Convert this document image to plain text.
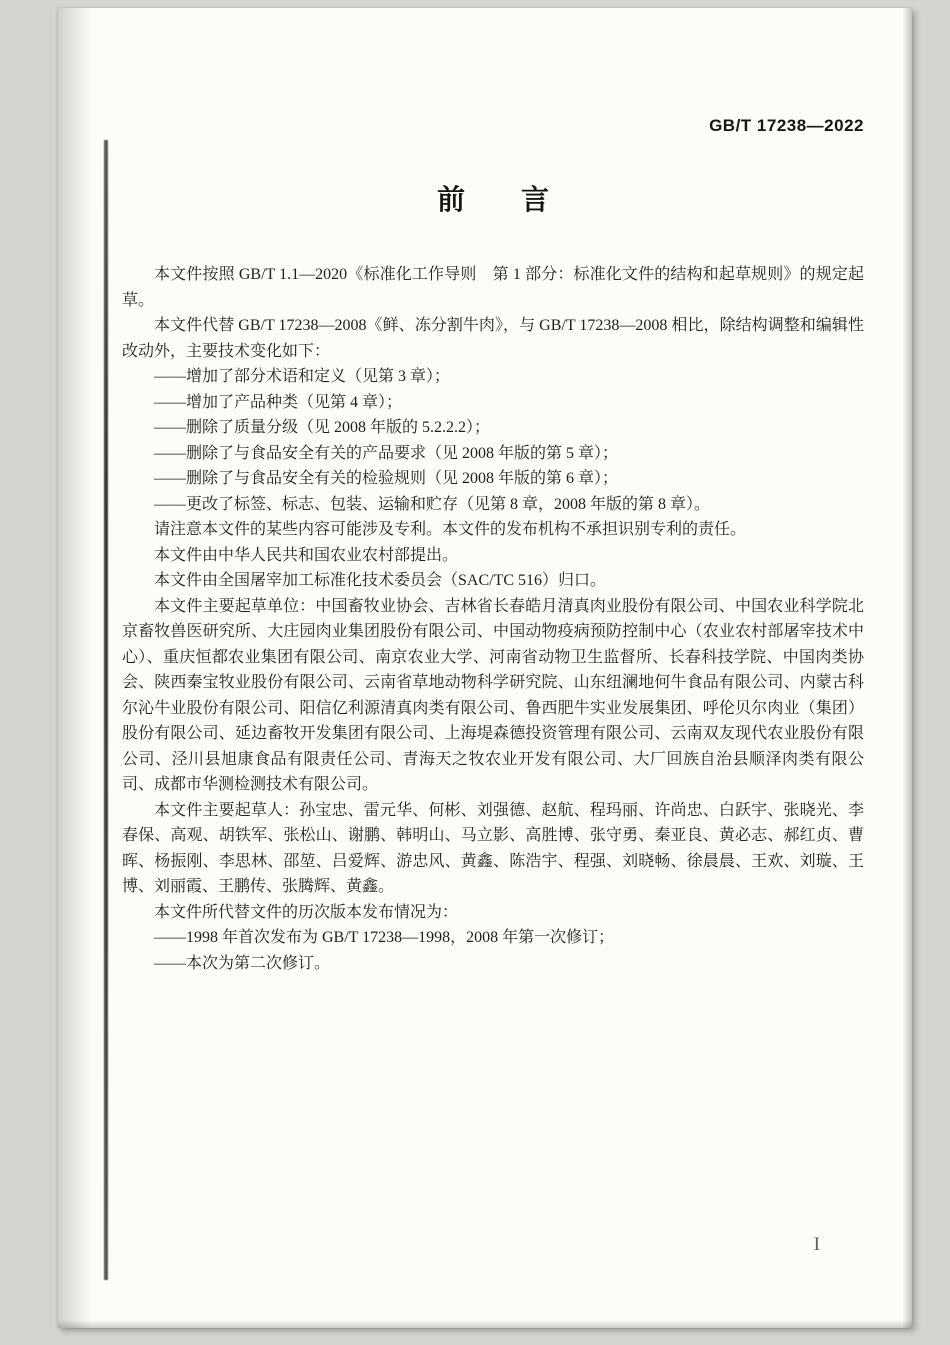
GB/T 17238—2022
前　　言

本文件按照 GB/T 1.1—2020《标准化工作导则　第 1 部分：标准化文件的结构和起草规则》的规定起草。

本文件代替 GB/T 17238—2008《鲜、冻分割牛肉》，与 GB/T 17238—2008 相比，除结构调整和编辑性改动外，主要技术变化如下：

——增加了部分术语和定义（见第 3 章）；

——增加了产品种类（见第 4 章）；

——删除了质量分级（见 2008 年版的 5.2.2.2）；

——删除了与食品安全有关的产品要求（见 2008 年版的第 5 章）；

——删除了与食品安全有关的检验规则（见 2008 年版的第 6 章）；

——更改了标签、标志、包装、运输和贮存（见第 8 章，2008 年版的第 8 章）。

请注意本文件的某些内容可能涉及专利。本文件的发布机构不承担识别专利的责任。

本文件由中华人民共和国农业农村部提出。

本文件由全国屠宰加工标准化技术委员会（SAC/TC 516）归口。

本文件主要起草单位：中国畜牧业协会、吉林省长春皓月清真肉业股份有限公司、中国农业科学院北京畜牧兽医研究所、大庄园肉业集团股份有限公司、中国动物疫病预防控制中心（农业农村部屠宰技术中心）、重庆恒都农业集团有限公司、南京农业大学、河南省动物卫生监督所、长春科技学院、中国肉类协会、陕西秦宝牧业股份有限公司、云南省草地动物科学研究院、山东纽澜地何牛食品有限公司、内蒙古科尔沁牛业股份有限公司、阳信亿利源清真肉类有限公司、鲁西肥牛实业发展集团、呼伦贝尔肉业（集团）股份有限公司、延边畜牧开发集团有限公司、上海堤森德投资管理有限公司、云南双友现代农业股份有限公司、泾川县旭康食品有限责任公司、青海天之牧农业开发有限公司、大厂回族自治县顺泽肉类有限公司、成都市华测检测技术有限公司。

本文件主要起草人：孙宝忠、雷元华、何彬、刘强德、赵航、程玛丽、许尚忠、白跃宇、张晓光、李春保、高观、胡铁军、张松山、谢鹏、韩明山、马立影、高胜博、张守勇、秦亚良、黄必志、郝红贞、曹晖、杨振刚、李思林、邵堃、吕爱辉、游忠风、黄鑫、陈浩宇、程强、刘晓畅、徐晨晨、王欢、刘璇、王博、刘丽霞、王鹏传、张腾辉、黄鑫。

本文件所代替文件的历次版本发布情况为：

——1998 年首次发布为 GB/T 17238—1998，2008 年第一次修订；

——本次为第二次修订。

I
